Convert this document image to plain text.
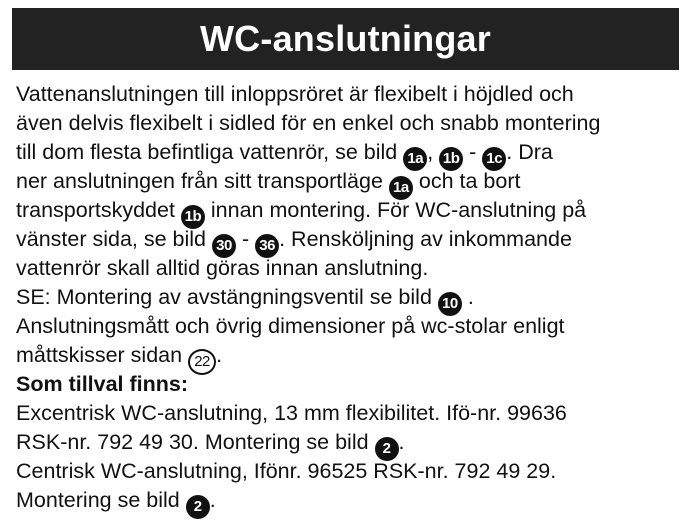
WC-anslutningar
Vattenanslutningen till inloppsröret är flexibelt i höjdled och
även delvis flexibelt i sidled för en enkel och snabb montering
till dom flesta befintliga vattenrör, se bild 1a , 1b - 1c . Dra
ner anslutningen från sitt transportläge 1a och ta bort
transportskyddet 1b innan montering. För WC-anslutning på
vänster sida, se bild 30 - 36 . Rensköljning av inkommande
vattenrör skall alltid göras innan anslutning.
SE: Montering av avstängningsventil se bild 10 .
Anslutningsmått och övrig dimensioner på wc-stolar enligt
måttskisser sidan 22 .
Som tillval finns:
Excentrisk WC-anslutning, 13 mm flexibilitet. Ifö-nr. 99636
RSK-nr. 792 49 30. Montering se bild 2 .
Centrisk WC-anslutning, Ifönr. 96525 RSK-nr. 792 49 29.
Montering se bild 2 .
